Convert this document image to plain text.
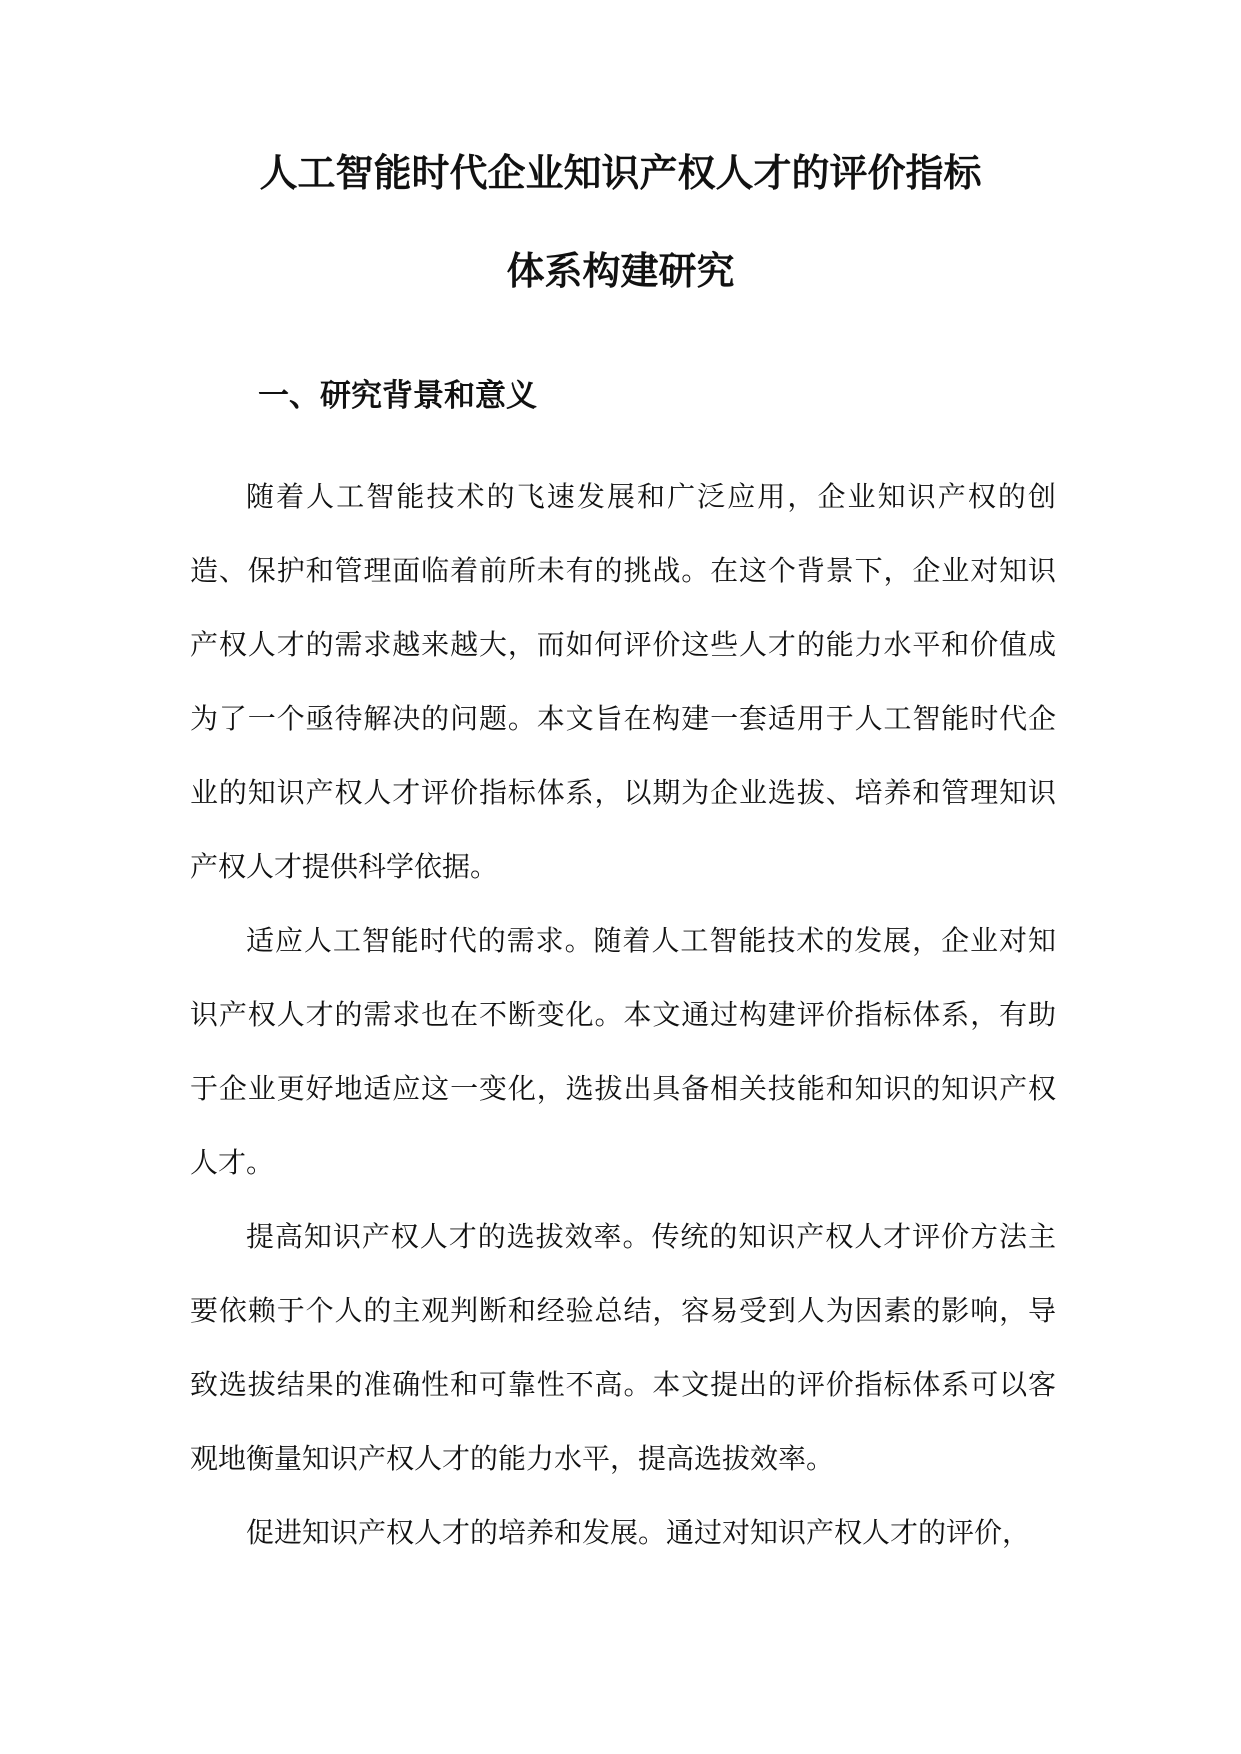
人工智能时代企业知识产权人才的评价指标
体系构建研究
一、研究背景和意义

随着人工智能技术的飞速发展和广泛应用，企业知识产权的创造、保护和管理面临着前所未有的挑战。在这个背景下，企业对知识产权人才的需求越来越大，而如何评价这些人才的能力水平和价值成为了一个亟待解决的问题。本文旨在构建一套适用于人工智能时代企业的知识产权人才评价指标体系，以期为企业选拔、培养和管理知识产权人才提供科学依据。

适应人工智能时代的需求。随着人工智能技术的发展，企业对知识产权人才的需求也在不断变化。本文通过构建评价指标体系，有助于企业更好地适应这一变化，选拔出具备相关技能和知识的知识产权人才。

提高知识产权人才的选拔效率。传统的知识产权人才评价方法主要依赖于个人的主观判断和经验总结，容易受到人为因素的影响，导致选拔结果的准确性和可靠性不高。本文提出的评价指标体系可以客观地衡量知识产权人才的能力水平，提高选拔效率。

促进知识产权人才的培养和发展。通过对知识产权人才的评价，
